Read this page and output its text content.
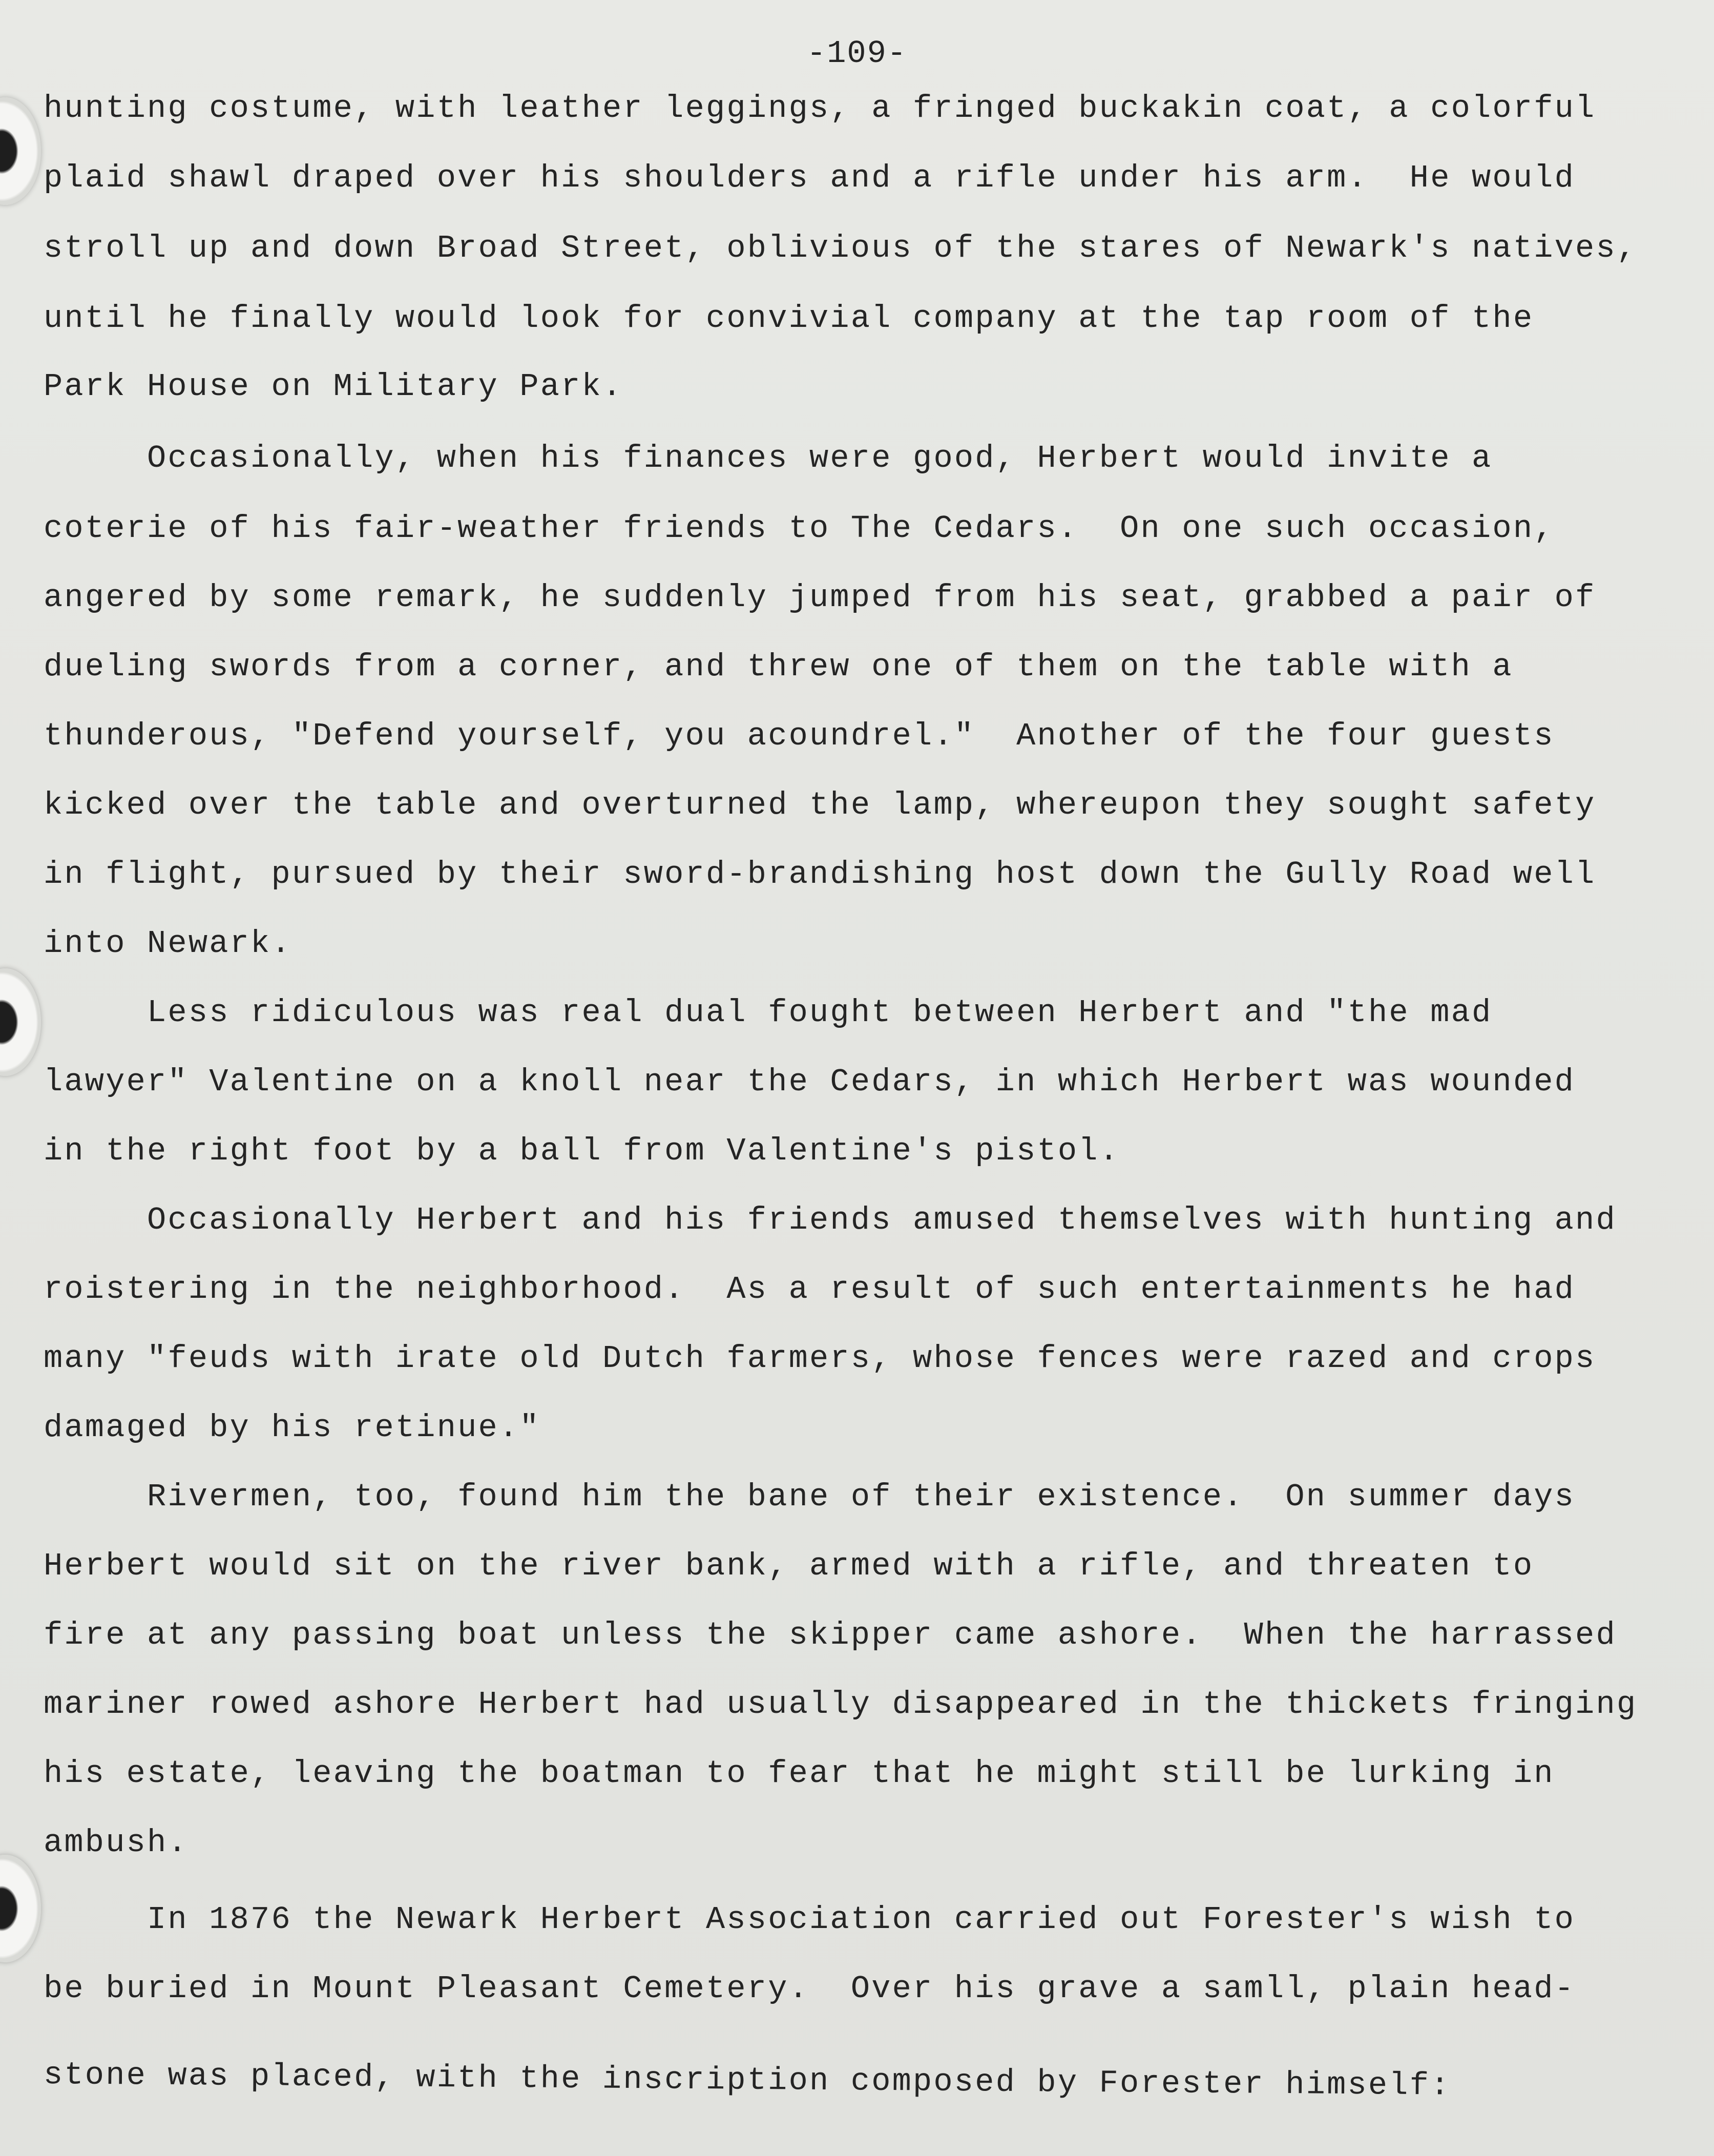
-109-
hunting costume, with leather leggings, a fringed buckakin coat, a colorful
plaid shawl draped over his shoulders and a rifle under his arm.  He would
stroll up and down Broad Street, oblivious of the stares of Newark's natives,
until he finally would look for convivial company at the tap room of the
Park House on Military Park.
Occasionally, when his finances were good, Herbert would invite a
coterie of his fair-weather friends to The Cedars.  On one such occasion,
angered by some remark, he suddenly jumped from his seat, grabbed a pair of
dueling swords from a corner, and threw one of them on the table with a
thunderous, "Defend yourself, you acoundrel."  Another of the four guests
kicked over the table and overturned the lamp, whereupon they sought safety
in flight, pursued by their sword-brandishing host down the Gully Road well
into Newark.
Less ridiculous was real dual fought between Herbert and "the mad
lawyer" Valentine on a knoll near the Cedars, in which Herbert was wounded
in the right foot by a ball from Valentine's pistol.
Occasionally Herbert and his friends amused themselves with hunting and
roistering in the neighborhood.  As a result of such entertainments he had
many "feuds with irate old Dutch farmers, whose fences were razed and crops
damaged by his retinue."
Rivermen, too, found him the bane of their existence.  On summer days
Herbert would sit on the river bank, armed with a rifle, and threaten to
fire at any passing boat unless the skipper came ashore.  When the harrassed
mariner rowed ashore Herbert had usually disappeared in the thickets fringing
his estate, leaving the boatman to fear that he might still be lurking in
ambush.
In 1876 the Newark Herbert Association carried out Forester's wish to
be buried in Mount Pleasant Cemetery.  Over his grave a samll, plain head-
stone was placed, with the inscription composed by Forester himself:
